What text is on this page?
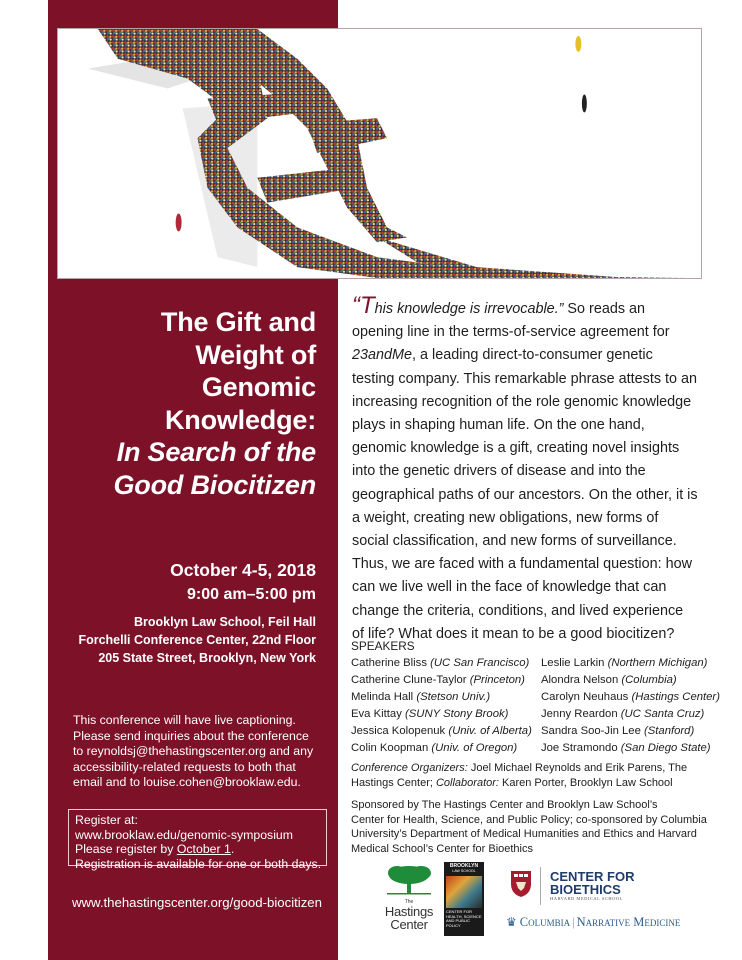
The Gift and
Weight of
Genomic
Knowledge:
In Search of the
Good Biocitizen
October 4-5, 2018
9:00 am–5:00 pm
Brooklyn Law School, Feil Hall
Forchelli Conference Center, 22nd Floor
205 State Street, Brooklyn, New York
This conference will have live captioning.
Please send inquiries about the conference
to reynoldsj@thehastingscenter.org and any
accessibility-related requests to both that
email and to louise.cohen@brooklaw.edu.
Register at:
www.brooklaw.edu/genomic-symposium
Please register by October 1.
Registration is available for one or both days.
www.thehastingscenter.org/good-biocitizen
“This knowledge is irrevocable.” So reads an opening line in the terms-of-service agreement for 23andMe, a leading direct-to-consumer genetic testing company. This remarkable phrase attests to an increasing recognition of the role genomic knowledge plays in shaping human life. On the one hand, genomic knowledge is a gift, creating novel insights into the genetic drivers of disease and into the geographical paths of our ancestors. On the other, it is a weight, creating new obligations, new forms of social classification, and new forms of surveillance. Thus, we are faced with a fundamental question: how can we live well in the face of knowledge that can change the criteria, conditions, and lived experience of life? What does it mean to be a good biocitizen?
SPEAKERS
Catherine Bliss (UC San Francisco)
Catherine Clune-Taylor (Princeton)
Melinda Hall (Stetson Univ.)
Eva Kittay (SUNY Stony Brook)
Jessica Kolopenuk (Univ. of Alberta)
Colin Koopman (Univ. of Oregon)
Leslie Larkin (Northern Michigan)
Alondra Nelson (Columbia)
Carolyn Neuhaus (Hastings Center)
Jenny Reardon (UC Santa Cruz)
Sandra Soo-Jin Lee (Stanford)
Joe Stramondo (San Diego State)
Conference Organizers: Joel Michael Reynolds and Erik Parens, The Hastings Center; Collaborator: Karen Porter, Brooklyn Law School
Sponsored by The Hastings Center and Brooklyn Law School’s
Center for Health, Science, and Public Policy; co-sponsored by Columbia
University’s Department of Medical Humanities and Ethics and Harvard
Medical School’s Center for Bioethics
The
Hastings
Center
BROOKLYN
LAW SCHOOL
CENTER FOR HEALTH, SCIENCE AND PUBLIC POLICY
CENTER FOR
BIOETHICS
HARVARD MEDICAL SCHOOL
♛ Columbia | Narrative Medicine
